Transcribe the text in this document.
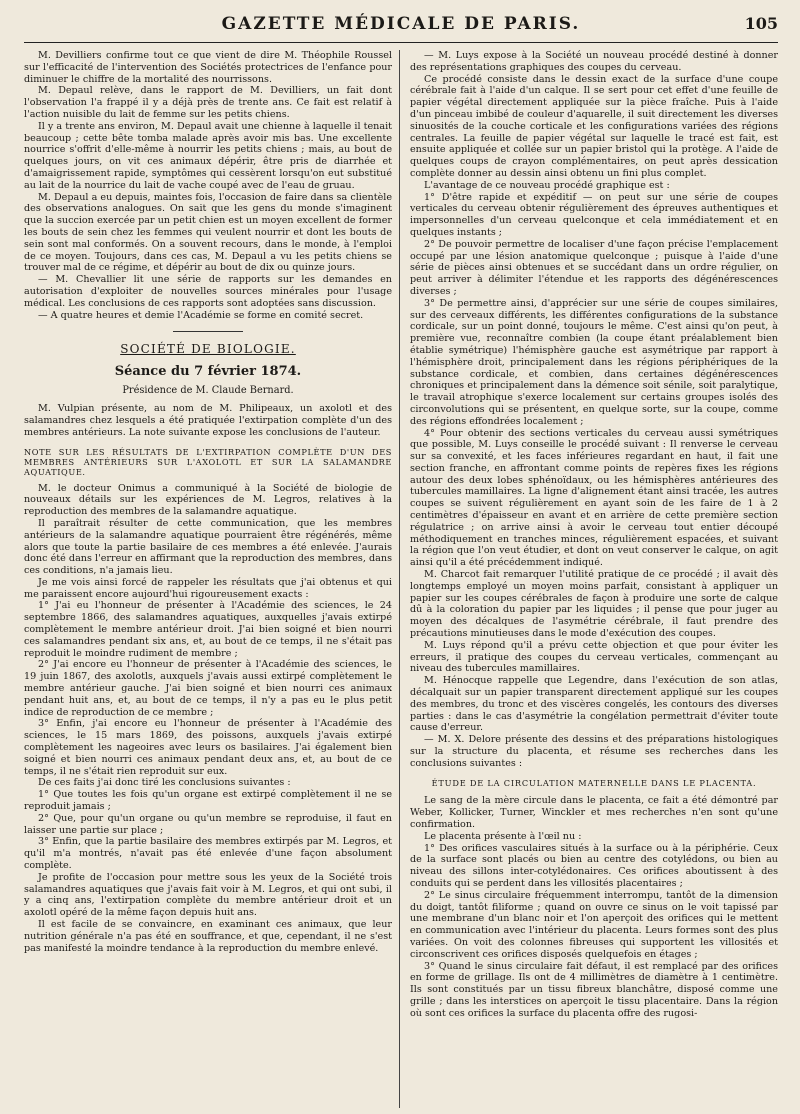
GAZETTE MÉDICALE DE PARIS.	105

M. Devilliers confirme tout ce que vient de dire M. Théophile Roussel sur l'efficacité de l'intervention des Sociétés protectrices de l'enfance pour diminuer le chiffre de la mortalité des nourrissons.

M. Depaul relève, dans le rapport de M. Devilliers, un fait dont l'observation l'a frappé il y a déjà près de trente ans. Ce fait est relatif à l'action nuisible du lait de femme sur les petits chiens.

Il y a trente ans environ, M. Depaul avait une chienne à laquelle il tenait beaucoup ; cette bête tomba malade après avoir mis bas. Une excellente nourrice s'offrit d'elle-même à nourrir les petits chiens ; mais, au bout de quelques jours, on vit ces animaux dépérir, être pris de diarrhée et d'amaigrissement rapide, symptômes qui cessèrent lorsqu'on eut substitué au lait de la nourrice du lait de vache coupé avec de l'eau de gruau.

M. Depaul a eu depuis, maintes fois, l'occasion de faire dans sa clientèle des observations analogues. On sait que les gens du monde s'imaginent que la succion exercée par un petit chien est un moyen excellent de former les bouts de sein chez les femmes qui veulent nourrir et dont les bouts de sein sont mal conformés. On a souvent recours, dans le monde, à l'emploi de ce moyen. Toujours, dans ces cas, M. Depaul a vu les petits chiens se trouver mal de ce régime, et dépérir au bout de dix ou quinze jours.

— M. Chevallier lit une série de rapports sur les demandes en autorisation d'exploiter de nouvelles sources minérales pour l'usage médical. Les conclusions de ces rapports sont adoptées sans discussion.

— A quatre heures et demie l'Académie se forme en comité secret.

SOCIÉTÉ DE BIOLOGIE.
Séance du 7 février 1874.

Présidence de M. Claude Bernard.

M. Vulpian présente, au nom de M. Philipeaux, un axolotl et des salamandres chez lesquels a été pratiquée l'extirpation complète d'un des membres antérieurs. La note suivante expose les conclusions de l'auteur.

NOTE SUR LES RÉSULTATS DE L'EXTIRPATION COMPLÈTE D'UN DES MEMBRES ANTÉRIEURS SUR L'AXOLOTL ET SUR LA SALAMANDRE AQUATIQUE.

M. le docteur Onimus a communiqué à la Société de biologie de nouveaux détails sur les expériences de M. Legros, relatives à la reproduction des membres de la salamandre aquatique.

Il paraîtrait résulter de cette communication, que les membres antérieurs de la salamandre aquatique pourraient être régénérés, même alors que toute la partie basilaire de ces membres a été enlevée. J'aurais donc été dans l'erreur en affirmant que la reproduction des membres, dans ces conditions, n'a jamais lieu.

Je me vois ainsi forcé de rappeler les résultats que j'ai obtenus et qui me paraissent encore aujourd'hui rigoureusement exacts :

1° J'ai eu l'honneur de présenter à l'Académie des sciences, le 24 septembre 1866, des salamandres aquatiques, auxquelles j'avais extirpé complètement le membre antérieur droit. J'ai bien soigné et bien nourri ces salamandres pendant six ans, et, au bout de ce temps, il ne s'était pas reproduit le moindre rudiment de membre ;

2° J'ai encore eu l'honneur de présenter à l'Académie des sciences, le 19 juin 1867, des axolotls, auxquels j'avais aussi extirpé complètement le membre antérieur gauche. J'ai bien soigné et bien nourri ces animaux pendant huit ans, et, au bout de ce temps, il n'y a pas eu le plus petit indice de reproduction de ce membre ;

3° Enfin, j'ai encore eu l'honneur de présenter à l'Académie des sciences, le 15 mars 1869, des poissons, auxquels j'avais extirpé complètement les nageoires avec leurs os basilaires. J'ai également bien soigné et bien nourri ces animaux pendant deux ans, et, au bout de ce temps, il ne s'était rien reproduit sur eux.

De ces faits j'ai donc tiré les conclusions suivantes :

1° Que toutes les fois qu'un organe est extirpé complètement il ne se reproduit jamais ;

2° Que, pour qu'un organe ou qu'un membre se reproduise, il faut en laisser une partie sur place ;

3° Enfin, que la partie basilaire des membres extirpés par M. Legros, et qu'il m'a montrés, n'avait pas été enlevée d'une façon absolument complète.

Je profite de l'occasion pour mettre sous les yeux de la Société trois salamandres aquatiques que j'avais fait voir à M. Legros, et qui ont subi, il y a cinq ans, l'extirpation complète du membre antérieur droit et un axolotl opéré de la même façon depuis huit ans.

Il est facile de se convaincre, en examinant ces animaux, que leur nutrition générale n'a pas été en souffrance, et que, cependant, il ne s'est pas manifesté la moindre tendance à la reproduction du membre enlevé.

— M. Luys expose à la Société un nouveau procédé destiné à donner des représentations graphiques des coupes du cerveau.

Ce procédé consiste dans le dessin exact de la surface d'une coupe cérébrale fait à l'aide d'un calque. Il se sert pour cet effet d'une feuille de papier végétal directement appliquée sur la pièce fraîche. Puis à l'aide d'un pinceau imbibé de couleur d'aquarelle, il suit directement les diverses sinuosités de la couche corticale et les configurations variées des régions centrales. La feuille de papier végétal sur laquelle le tracé est fait, est ensuite appliquée et collée sur un papier bristol qui la protège. A l'aide de quelques coups de crayon complémentaires, on peut après dessication complète donner au dessin ainsi obtenu un fini plus complet.

L'avantage de ce nouveau procédé graphique est :

1° D'être rapide et expéditif — on peut sur une série de coupes verticales du cerveau obtenir régulièrement des épreuves authentiques et impersonnelles d'un cerveau quelconque et cela immédiatement et en quelques instants ;

2° De pouvoir permettre de localiser d'une façon précise l'emplacement occupé par une lésion anatomique quelconque ; puisque à l'aide d'une série de pièces ainsi obtenues et se succédant dans un ordre régulier, on peut arriver à délimiter l'étendue et les rapports des dégénérescences diverses ;

3° De permettre ainsi, d'apprécier sur une série de coupes similaires, sur des cerveaux différents, les différentes configurations de la substance cordicale, sur un point donné, toujours le même. C'est ainsi qu'on peut, à première vue, reconnaître combien (la coupe étant préalablement bien établie symétrique) l'hémisphère gauche est asymétrique par rapport à l'hémisphère droit, principalement dans les régions périphériques de la substance cordicale, et combien, dans certaines dégénérescences chroniques et principalement dans la démence soit sénile, soit paralytique, le travail atrophique s'exerce localement sur certains groupes isolés des circonvolutions qui se présentent, en quelque sorte, sur la coupe, comme des régions effondrées localement ;

4° Pour obtenir des sections verticales du cerveau aussi symétriques que possible, M. Luys conseille le procédé suivant : Il renverse le cerveau sur sa convexité, et les faces inférieures regardant en haut, il fait une section franche, en affrontant comme points de repères fixes les régions autour des deux lobes sphénoïdaux, ou les hémisphères antérieures des tubercules mamillaires. La ligne d'alignement étant ainsi tracée, les autres coupes se suivent régulièrement en ayant soin de les faire de 1 à 2 centimètres d'épaisseur en avant et en arrière de cette première section régulatrice ; on arrive ainsi à avoir le cerveau tout entier découpé méthodiquement en tranches minces, régulièrement espacées, et suivant la région que l'on veut étudier, et dont on veut conserver le calque, on agit ainsi qu'il a été précédemment indiqué.

M. Charcot fait remarquer l'utilité pratique de ce procédé ; il avait dès longtemps employé un moyen moins parfait, consistant à appliquer un papier sur les coupes cérébrales de façon à produire une sorte de calque dû à la coloration du papier par les liquides ; il pense que pour juger au moyen des décalques de l'asymétrie cérébrale, il faut prendre des précautions minutieuses dans le mode d'exécution des coupes.

M. Luys répond qu'il a prévu cette objection et que pour éviter les erreurs, il pratique des coupes du cerveau verticales, commençant au niveau des tubercules mamillaires.

M. Hénocque rappelle que Legendre, dans l'exécution de son atlas, décalquait sur un papier transparent directement appliqué sur les coupes des membres, du tronc et des viscères congelés, les contours des diverses parties : dans le cas d'asymétrie la congélation permettrait d'éviter toute cause d'erreur.

— M. X. Delore présente des dessins et des préparations histologiques sur la structure du placenta, et résume ses recherches dans les conclusions suivantes :

ÉTUDE DE LA CIRCULATION MATERNELLE DANS LE PLACENTA.

Le sang de la mère circule dans le placenta, ce fait a été démontré par Weber, Kollicker, Turner, Winckler et mes recherches n'en sont qu'une confirmation.

Le placenta présente à l'œil nu :

1° Des orifices vasculaires situés à la surface ou à la périphérie. Ceux de la surface sont placés ou bien au centre des cotylédons, ou bien au niveau des sillons inter-cotylédonaires. Ces orifices aboutissent à des conduits qui se perdent dans les villosités placentaires ;

2° Le sinus circulaire fréquemment interrompu, tantôt de la dimension du doigt, tantôt filiforme ; quand on ouvre ce sinus on le voit tapissé par une membrane d'un blanc noir et l'on aperçoit des orifices qui le mettent en communication avec l'intérieur du placenta. Leurs formes sont des plus variées. On voit des colonnes fibreuses qui supportent les villosités et circonscrivent ces orifices disposés quelquefois en étages ;

3° Quand le sinus circulaire fait défaut, il est remplacé par des orifices en forme de grillage. Ils ont de 4 millimètres de diamètre à 1 centimètre. Ils sont constitués par un tissu fibreux blanchâtre, disposé comme une grille ; dans les interstices on aperçoit le tissu placentaire. Dans la région où sont ces orifices la surface du placenta offre des rugosi-
